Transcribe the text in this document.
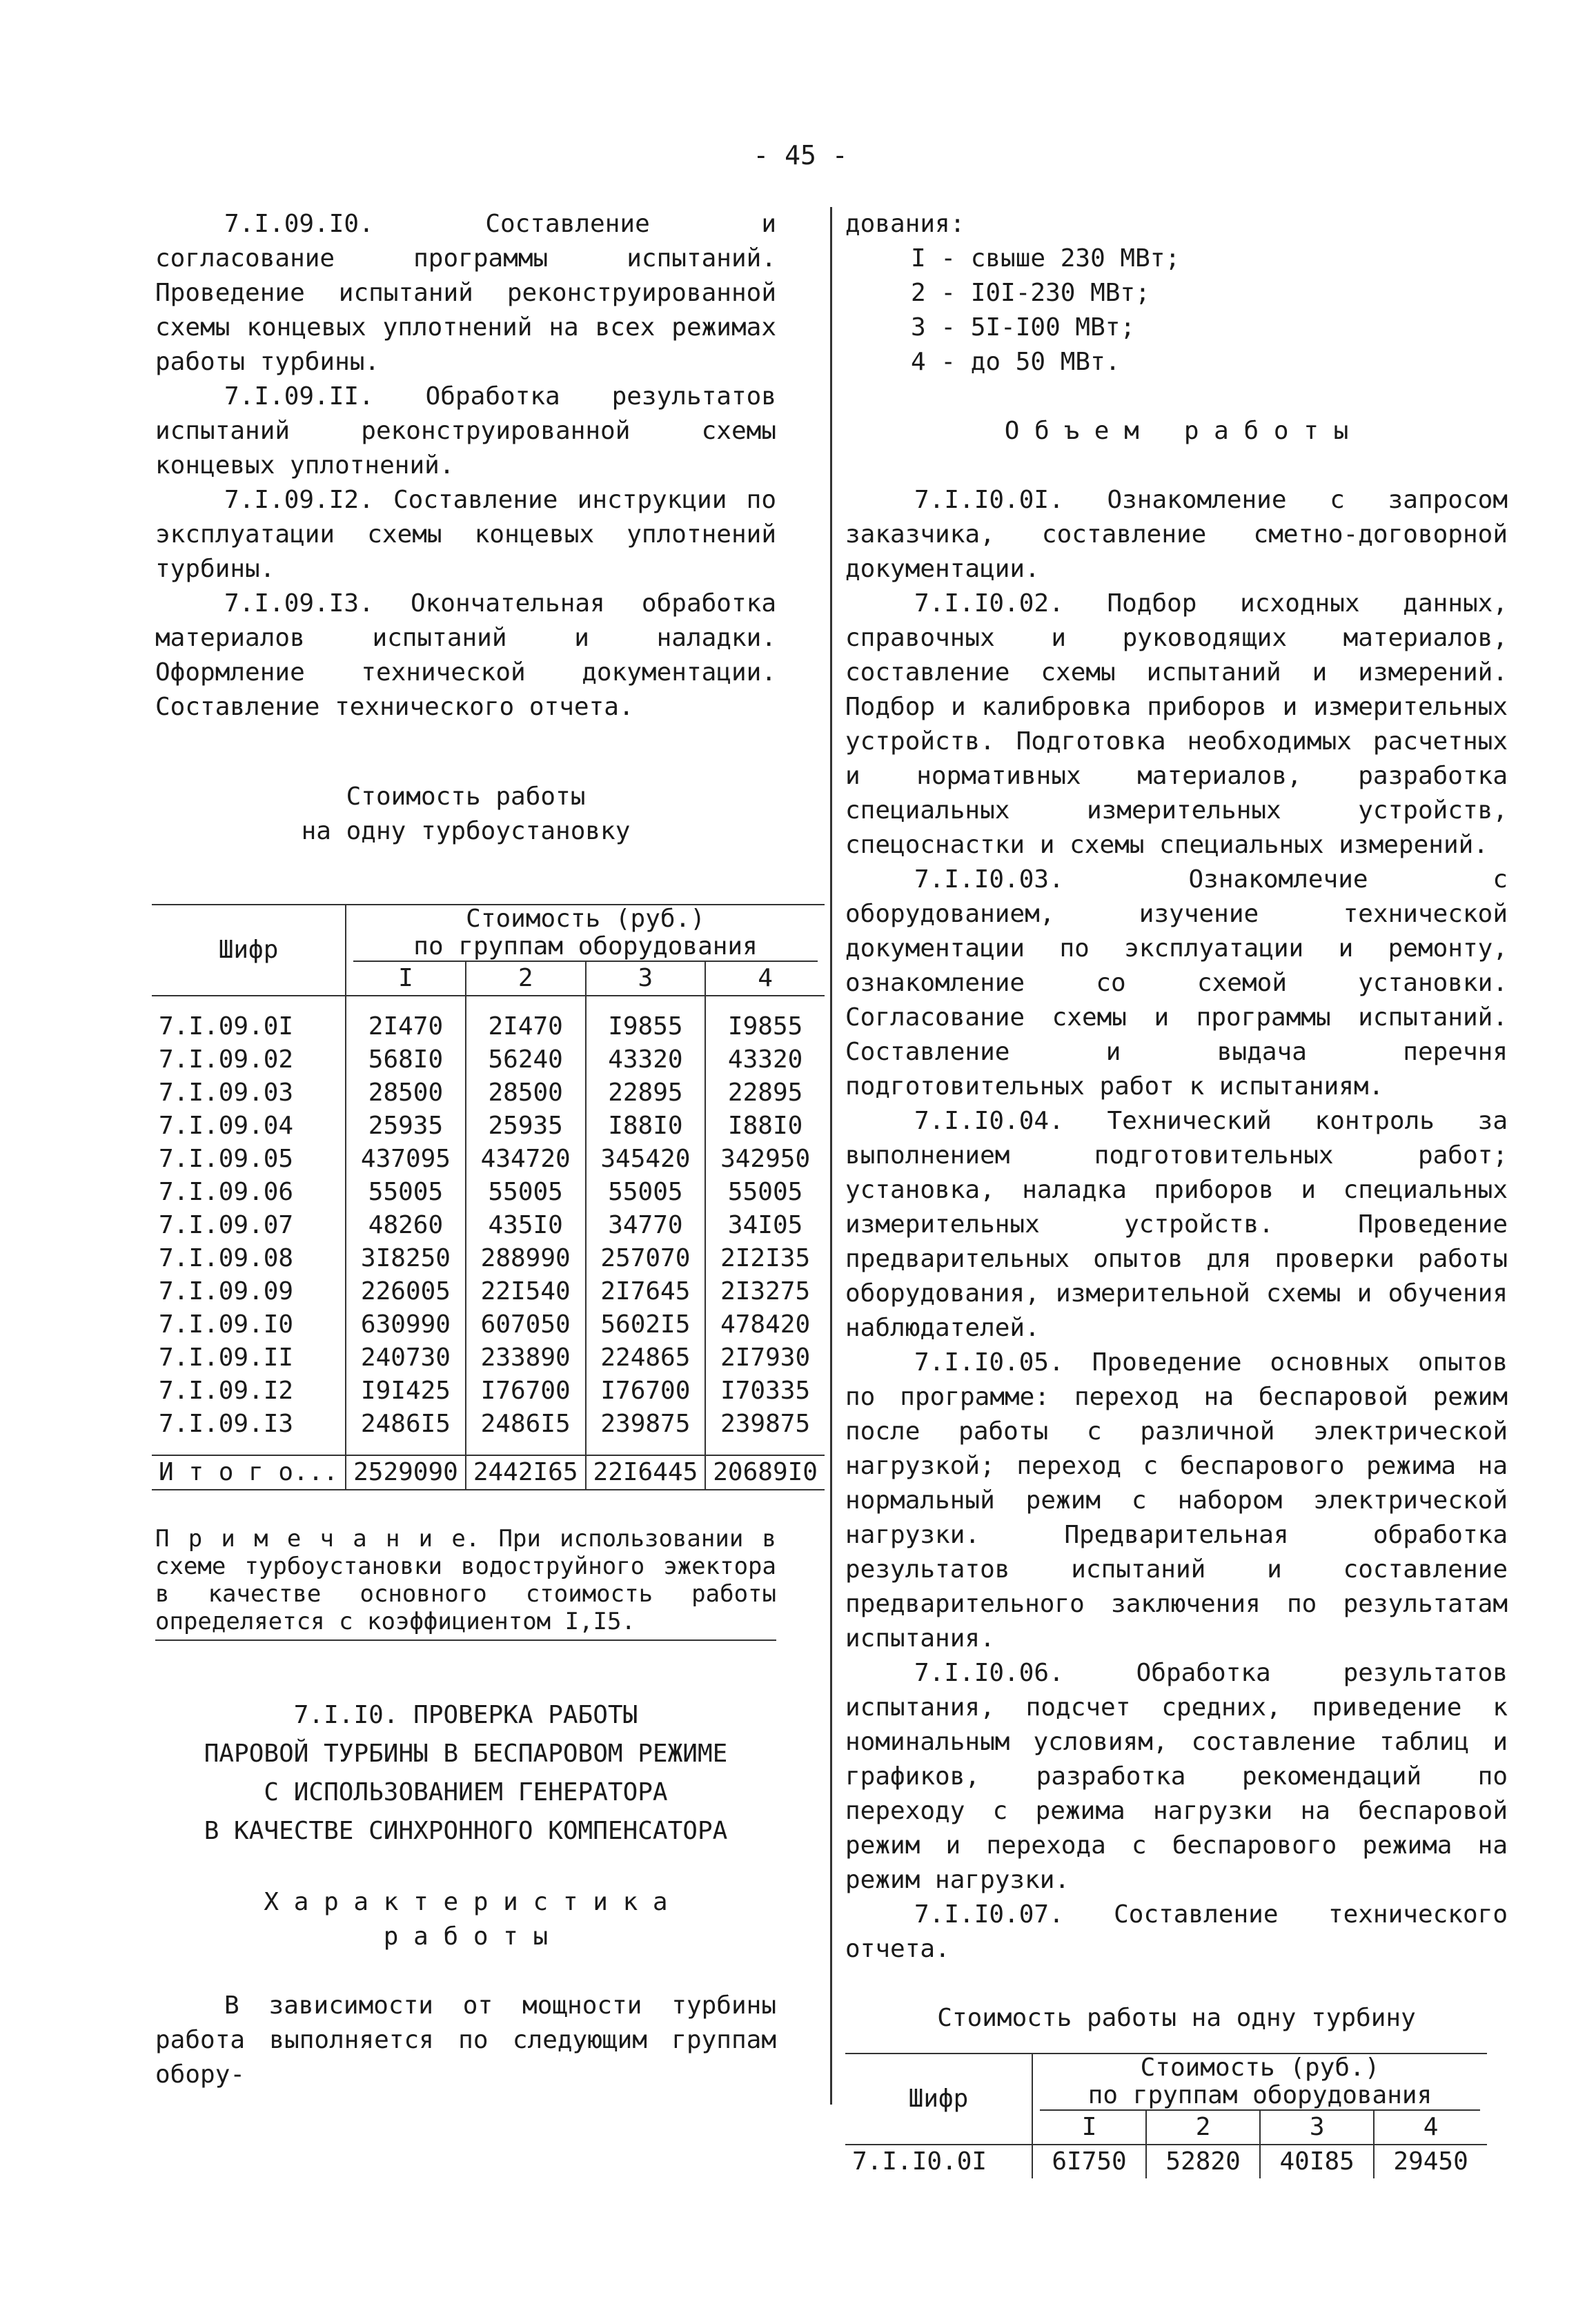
- 45 -

7.I.09.I0. Составление и согласование программы испытаний. Проведение испытаний реконструированной схемы концевых уплотнений на всех режимах работы турбины.

7.I.09.II. Обработка результатов испытаний реконструированной схемы концевых уплотнений.

7.I.09.I2. Составление инструкции по эксплуатации схемы концевых уплотнений турбины.

7.I.09.I3. Окончательная обработка материалов испытаний и наладки. Оформление технической документации. Составление технического отчета.

Стоимость работы

на одну турбоустановку

Шифр	Стоимость (руб.)
по группам оборудования			

	I	2	3	4

7.I.09.0I	2I470	2I470	I9855	I9855
7.I.09.02	568I0	56240	43320	43320
7.I.09.03	28500	28500	22895	22895
7.I.09.04	25935	25935	I88I0	I88I0
7.I.09.05	437095	434720	345420	342950
7.I.09.06	55005	55005	55005	55005
7.I.09.07	48260	435I0	34770	34I05
7.I.09.08	3I8250	288990	257070	2I2I35
7.I.09.09	226005	22I540	2I7645	2I3275
7.I.09.I0	630990	607050	5602I5	478420
7.I.09.II	240730	233890	224865	2I7930
7.I.09.I2	I9I425	I76700	I76700	I70335
7.I.09.I3	2486I5	2486I5	239875	239875

И т о г о...	2529090	2442I65	22I6445	20689I0

П р и м е ч а н и е. При использовании в схеме турбоустановки водоструйного эжектора в качестве основного стоимость работы определяется с коэффициентом I,I5.

7.I.I0. ПРОВЕРКА РАБОТЫ
ПАРОВОЙ ТУРБИНЫ В БЕСПАРОВОМ РЕЖИМЕ
С ИСПОЛЬЗОВАНИЕМ ГЕНЕРАТОРА
В КАЧЕСТВЕ СИНХРОННОГО КОМПЕНСАТОРА

Х а р а к т е р и с т и к а

р а б о т ы

В зависимости от мощности турбины работа выполняется по следующим группам обору-

дования:

I - свыше 230 МВт;
2 - I0I-230 МВт;
3 - 5I-I00 МВт;
4 - до 50 МВт.

О б ъ е м   р а б о т ы

7.I.I0.0I. Ознакомление с запросом заказчика, составление сметно-договорной документации.

7.I.I0.02. Подбор исходных данных, справочных и руководящих материалов, составление схемы испытаний и измерений. Подбор и калибровка приборов и измерительных устройств. Подготовка необходимых расчетных и нормативных материалов, разработка специальных измерительных устройств, спецоснастки и схемы специальных измерений.

7.I.I0.03. Ознакомлечие с оборудованием, изучение технической документации по эксплуатации и ремонту, ознакомление со схемой установки. Согласование схемы и программы испытаний. Составление и выдача перечня подготовительных работ к испытаниям.

7.I.I0.04. Технический контроль за выполнением подготовительных работ; установка, наладка приборов и специальных измерительных устройств. Проведение предварительных опытов для проверки работы оборудования, измерительной схемы и обучения наблюдателей.

7.I.I0.05. Проведение основных опытов по программе: переход на беспаровой режим после работы с различной электрической нагрузкой; переход с беспарового режима на нормальный режим с набором электрической нагрузки. Предварительная обработка результатов испытаний и составление предварительного заключения по результатам испытания.

7.I.I0.06. Обработка результатов испытания, подсчет средних, приведение к номинальным условиям, составление таблиц и графиков, разработка рекомендаций по переходу с режима нагрузки на беспаровой режим и перехода с беспарового режима на режим нагрузки.

7.I.I0.07. Составление технического отчета.

Стоимость работы на одну турбину

Шифр	Стоимость (руб.)
по группам оборудования			

	I	2	3	4
7.I.I0.0I	6I750	52820	40I85	29450
